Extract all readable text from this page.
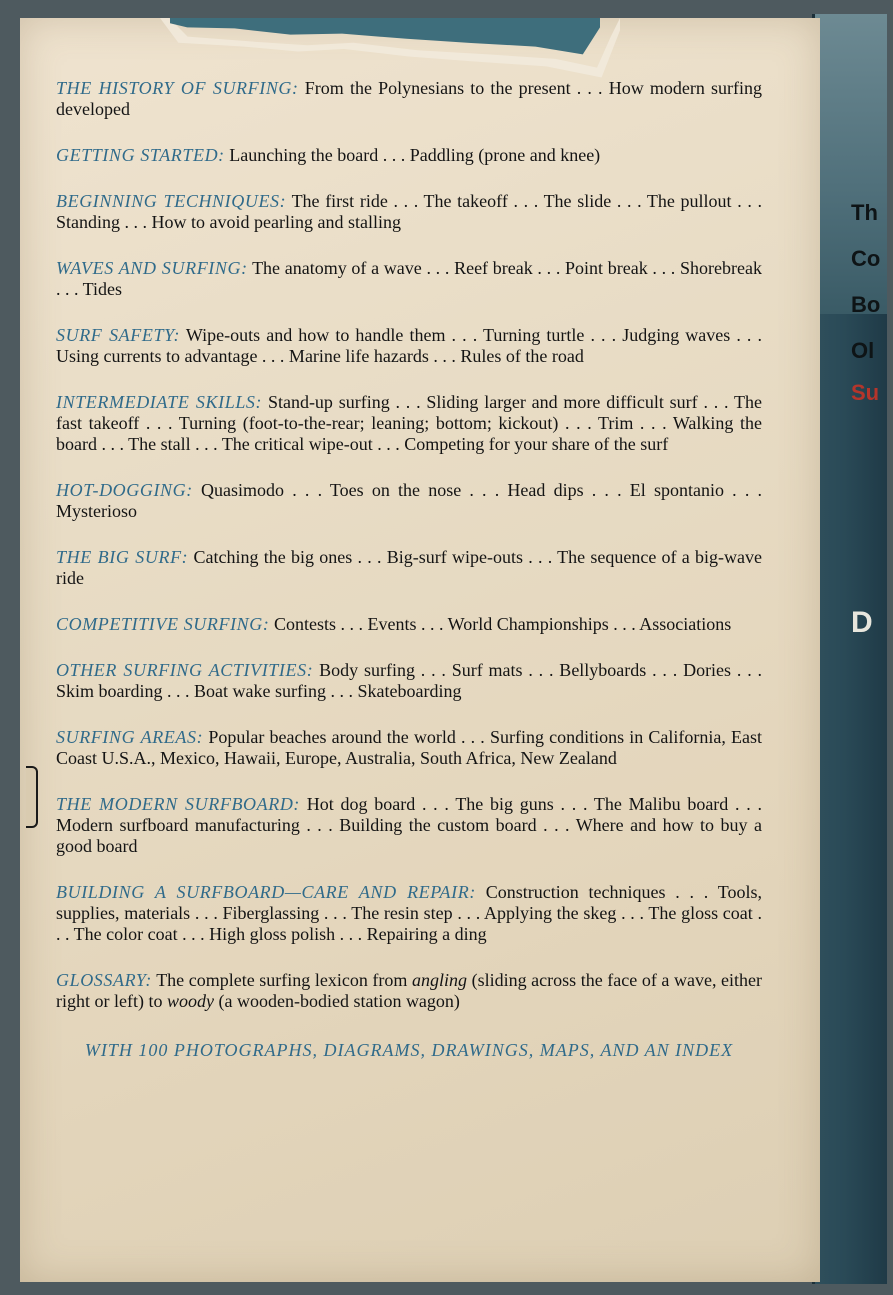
Th
Co
Bo
Ol
Su
D
THE HISTORY OF SURFING: From the Polynesians to the present . . . How modern surfing developed
GETTING STARTED: Launching the board . . . Paddling (prone and knee)
BEGINNING TECHNIQUES: The first ride . . . The takeoff . . . The slide . . . The pullout . . . Standing . . . How to avoid pearling and stalling
WAVES AND SURFING: The anatomy of a wave . . . Reef break . . . Point break . . . Shorebreak . . . Tides
SURF SAFETY: Wipe-outs and how to handle them . . . Turning turtle . . . Judging waves . . . Using currents to advantage . . . Marine life hazards . . . Rules of the road
INTERMEDIATE SKILLS: Stand-up surfing . . . Sliding larger and more difficult surf . . . The fast takeoff . . . Turning (foot-to-the-rear; leaning; bottom; kickout) . . . Trim . . . Walking the board . . . The stall . . . The critical wipe-out . . . Competing for your share of the surf
HOT-DOGGING: Quasimodo . . . Toes on the nose . . . Head dips . . . El spontanio . . . Mysterioso
THE BIG SURF: Catching the big ones . . . Big-surf wipe-outs . . . The sequence of a big-wave ride
COMPETITIVE SURFING: Contests . . . Events . . . World Championships . . . Associations
OTHER SURFING ACTIVITIES: Body surfing . . . Surf mats . . . Bellyboards . . . Dories . . . Skim boarding . . . Boat wake surfing . . . Skateboarding
SURFING AREAS: Popular beaches around the world . . . Surfing conditions in California, East Coast U.S.A., Mexico, Hawaii, Europe, Australia, South Africa, New Zealand
THE MODERN SURFBOARD: Hot dog board . . . The big guns . . . The Malibu board . . . Modern surfboard manufacturing . . . Building the custom board . . . Where and how to buy a good board
BUILDING A SURFBOARD—CARE AND REPAIR: Construction techniques . . . Tools, supplies, materials . . . Fiberglassing . . . The resin step . . . Applying the skeg . . . The gloss coat . . . The color coat . . . High gloss polish . . . Repairing a ding
GLOSSARY: The complete surfing lexicon from angling (sliding across the face of a wave, either right or left) to woody (a wooden-bodied station wagon)
WITH 100 PHOTOGRAPHS, DIAGRAMS, DRAWINGS, MAPS, AND AN INDEX
